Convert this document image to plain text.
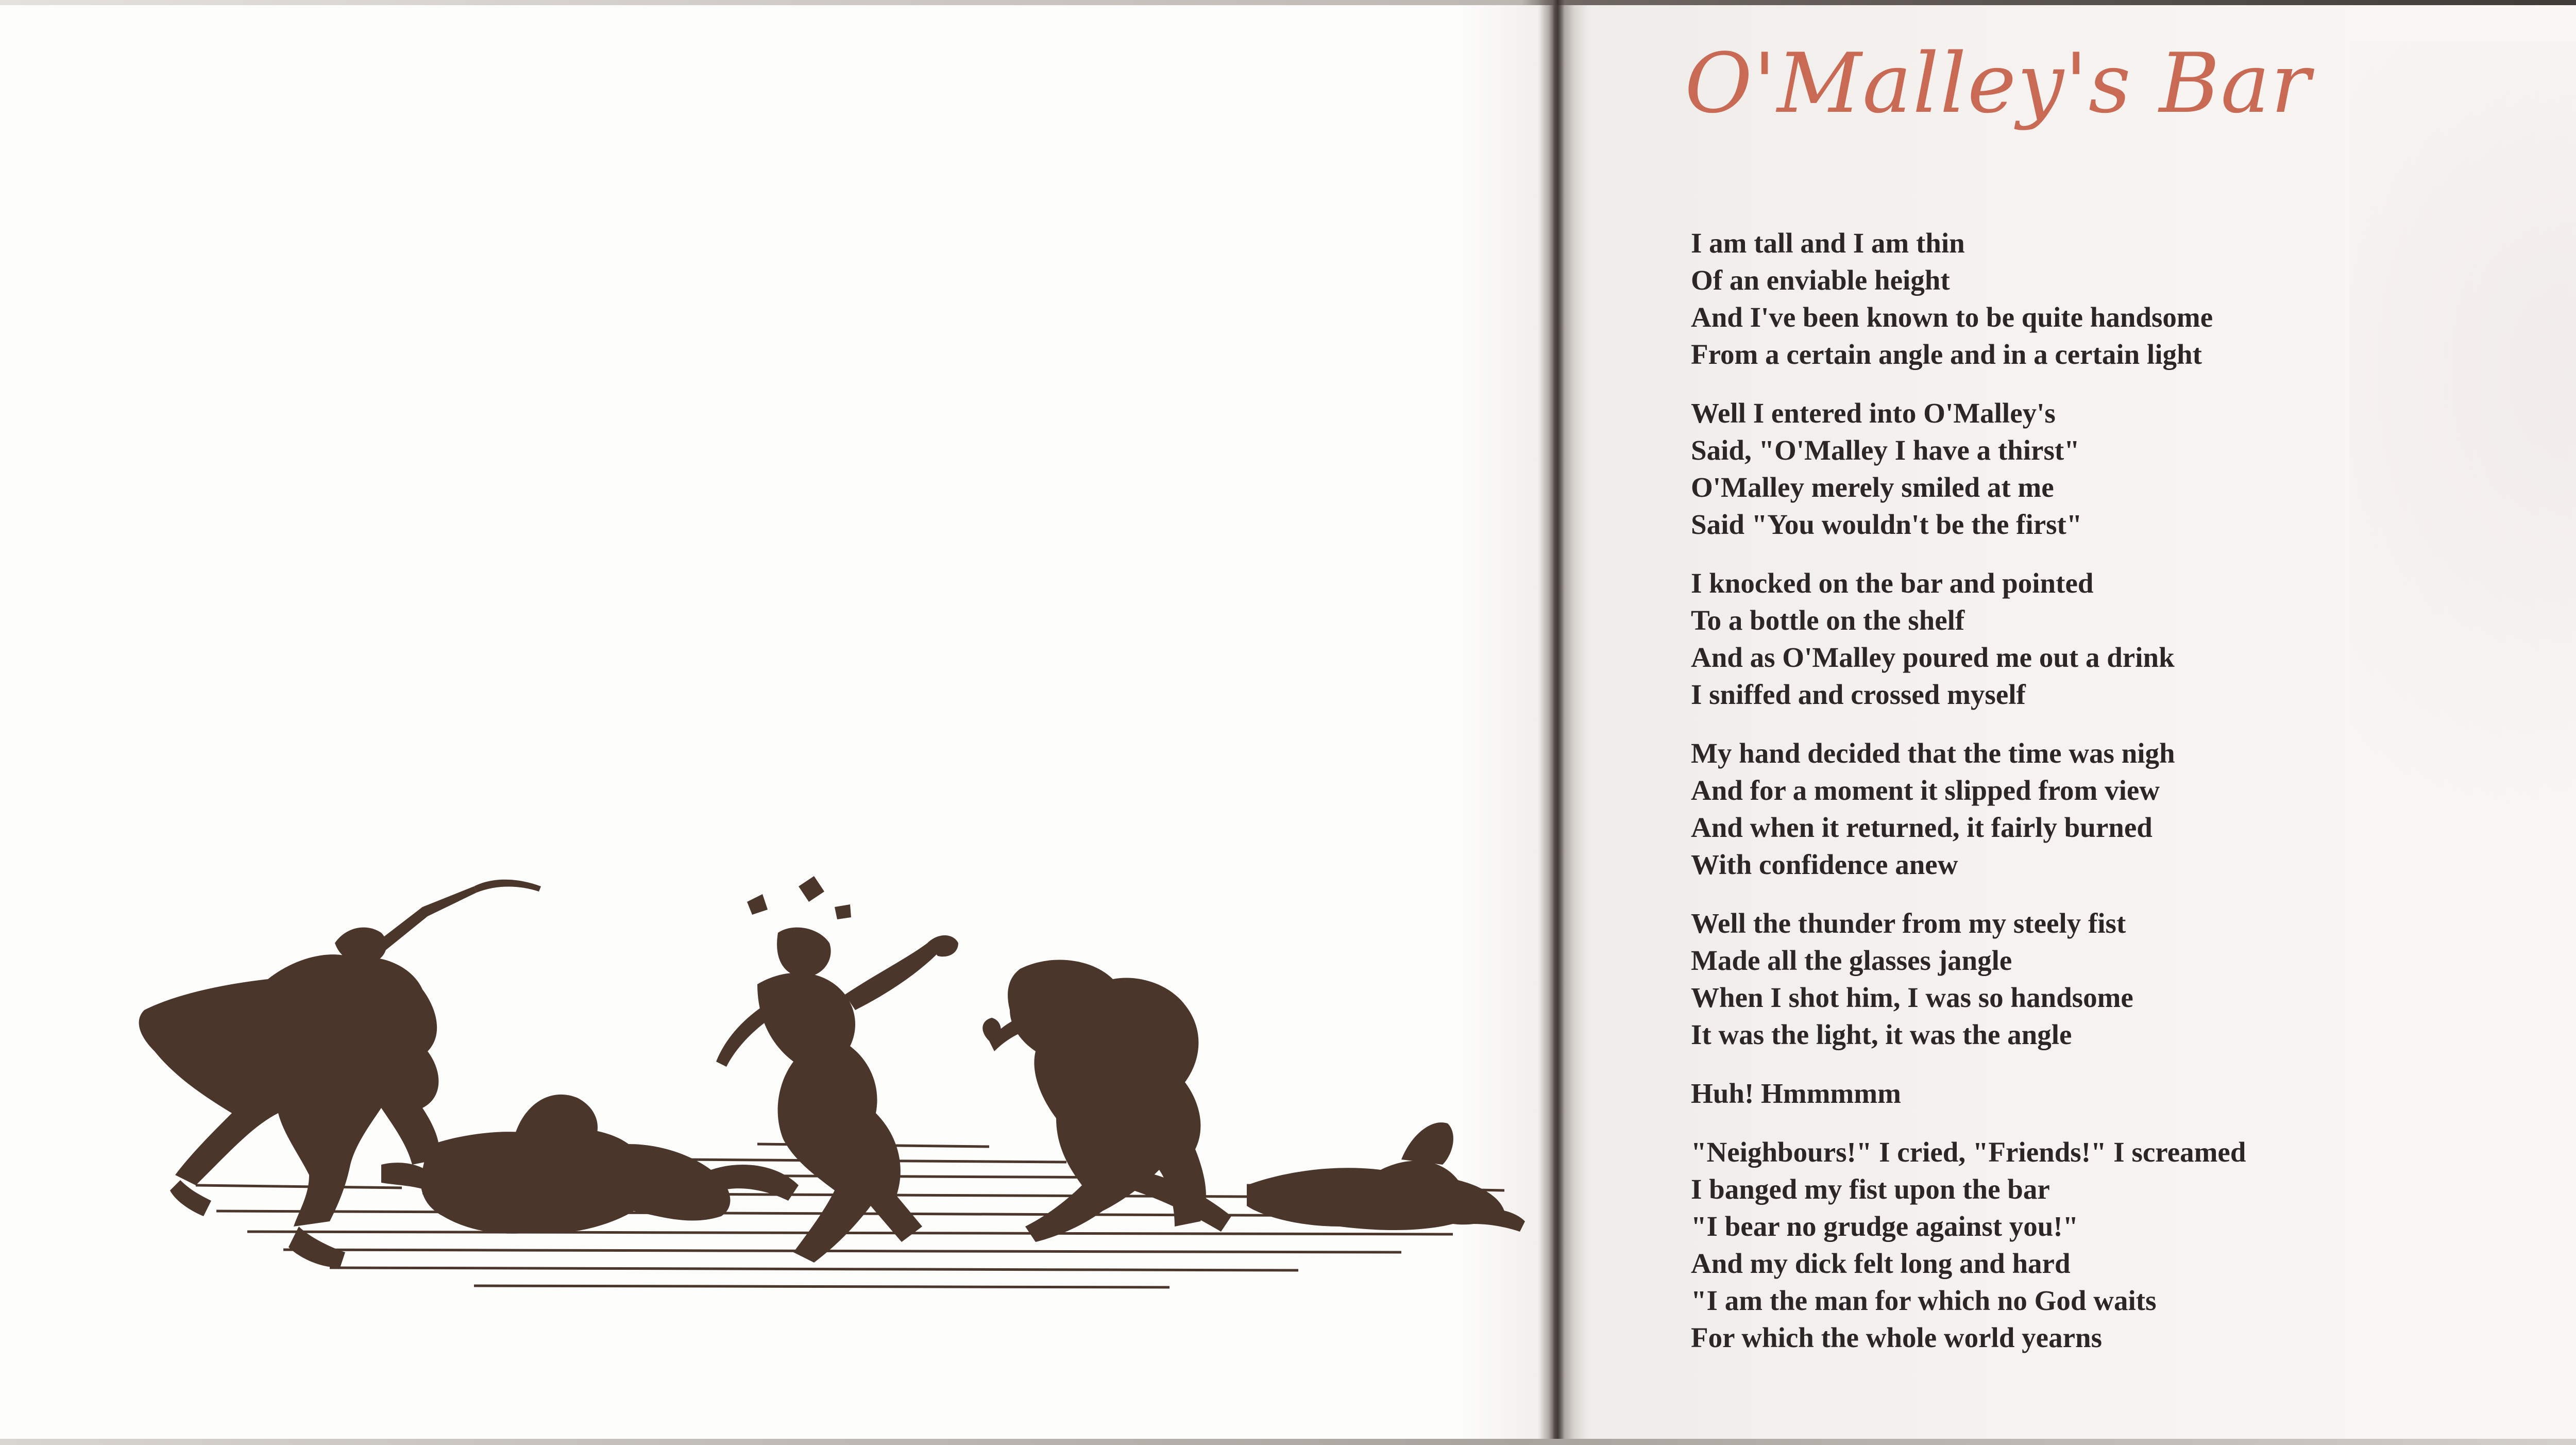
O'Malley's Bar
I am tall and I am thin
Of an enviable height
And I've been known to be quite handsome
From a certain angle and in a certain light
Well I entered into O'Malley's
Said, "O'Malley I have a thirst"
O'Malley merely smiled at me
Said "You wouldn't be the first"
I knocked on the bar and pointed
To a bottle on the shelf
And as O'Malley poured me out a drink
I sniffed and crossed myself
My hand decided that the time was nigh
And for a moment it slipped from view
And when it returned, it fairly burned
With confidence anew
Well the thunder from my steely fist
Made all the glasses jangle
When I shot him, I was so handsome
It was the light, it was the angle
Huh! Hmmmmm
"Neighbours!" I cried, "Friends!" I screamed
I banged my fist upon the bar
"I bear no grudge against you!"
And my dick felt long and hard
"I am the man for which no God waits
For which the whole world yearns
